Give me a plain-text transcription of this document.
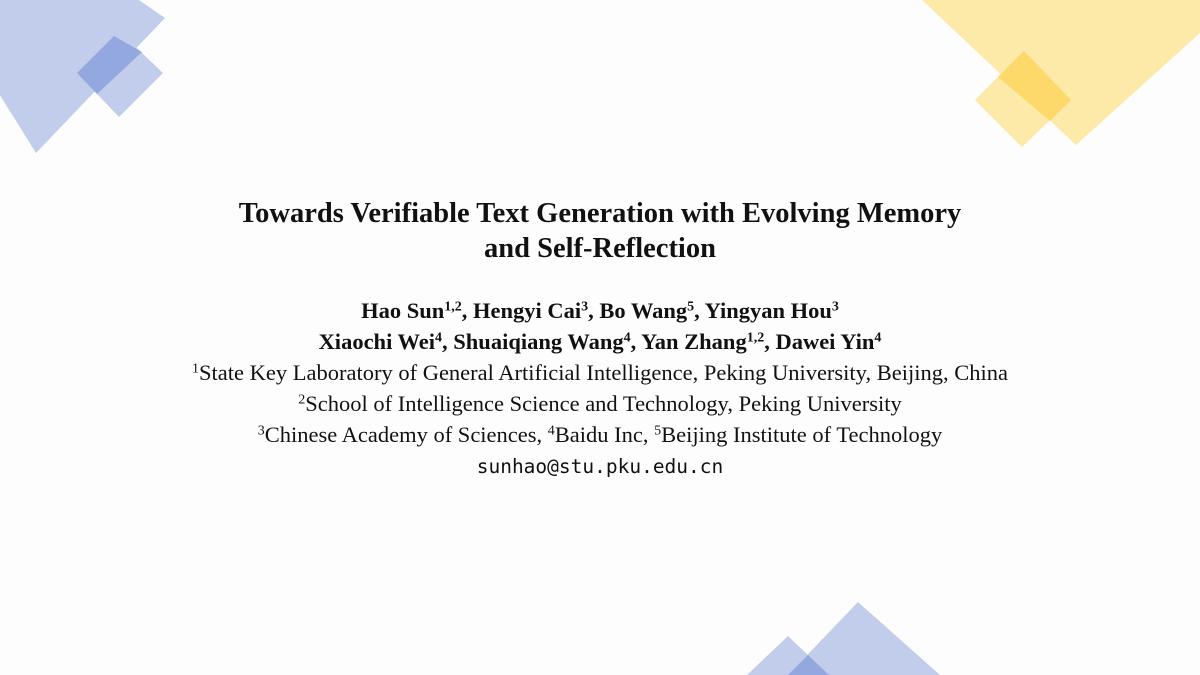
Towards Verifiable Text Generation with Evolving Memory
and Self-Reflection
Hao Sun$^{1,2}$, Hengyi Cai$^3$, Bo Wang$^5$, Yingyan Hou$^3$
Xiaochi Wei$^4$, Shuaiqiang Wang$^4$, Yan Zhang$^{1,2}$, Dawei Yin$^4$
$^1$State Key Laboratory of General Artificial Intelligence, Peking University, Beijing, China
$^2$School of Intelligence Science and Technology, Peking University
$^3$Chinese Academy of Sciences, $^4$Baidu Inc, $^5$Beijing Institute of Technology
sunhao@stu.pku.edu.cn
